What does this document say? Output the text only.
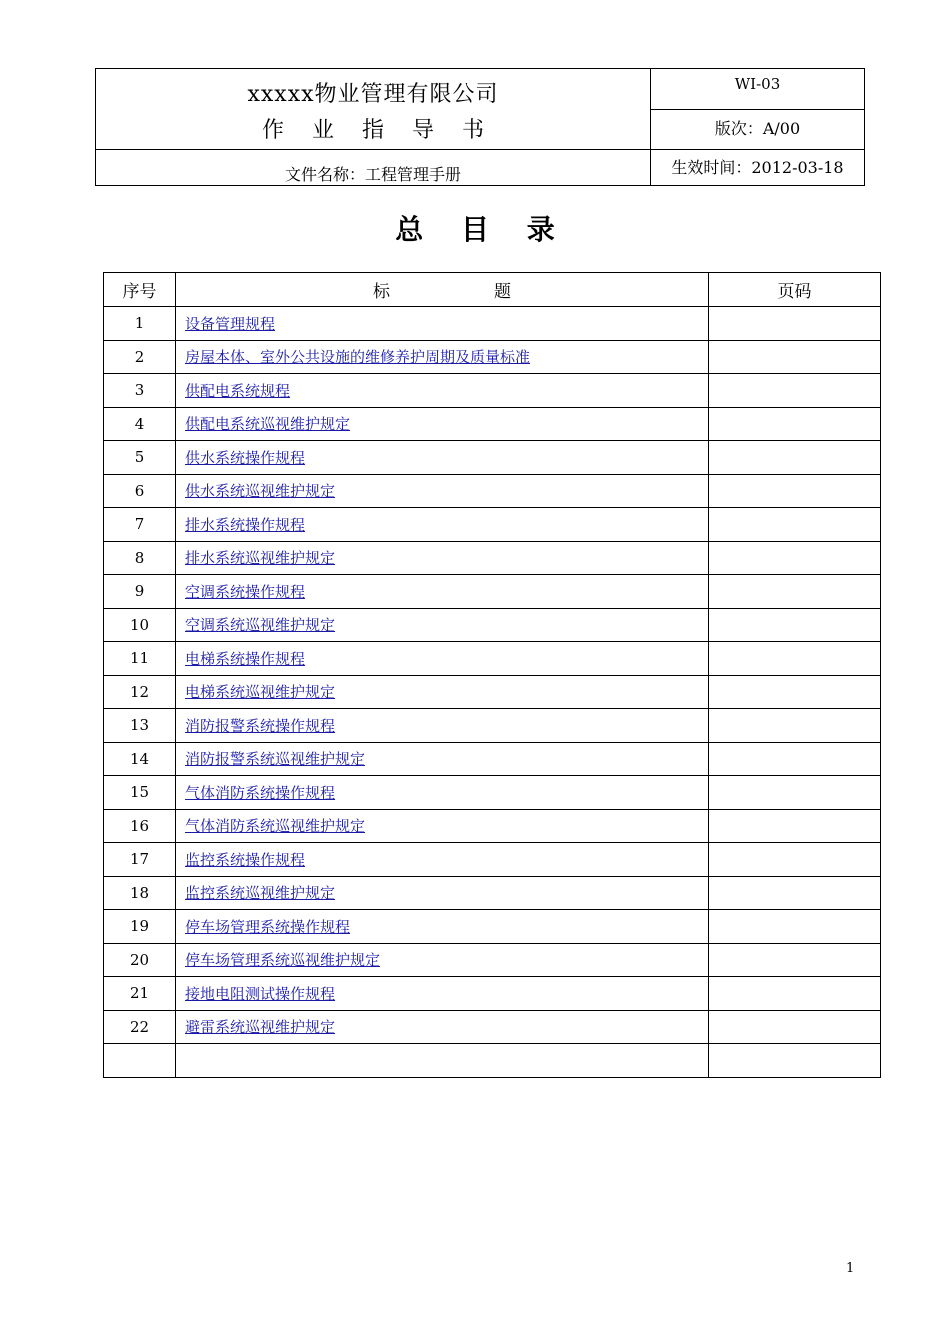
xxxxx物业管理有限公司
作业指导书
WI-03
版次：A/00
文件名称：工程管理手册	生效时间：2012-03-18
总 目 录
序号	标 题	页码
1	设备管理规程	
2	房屋本体、室外公共设施的维修养护周期及质量标准	
3	供配电系统规程	
4	供配电系统巡视维护规定	
5	供水系统操作规程	
6	供水系统巡视维护规定	
7	排水系统操作规程	
8	排水系统巡视维护规定	
9	空调系统操作规程	
10	空调系统巡视维护规定	
11	电梯系统操作规程	
12	电梯系统巡视维护规定	
13	消防报警系统操作规程	
14	消防报警系统巡视维护规定	
15	气体消防系统操作规程	
16	气体消防系统巡视维护规定	
17	监控系统操作规程	
18	监控系统巡视维护规定	
19	停车场管理系统操作规程	
20	停车场管理系统巡视维护规定	
21	接地电阻测试操作规程	
22	避雷系统巡视维护规定	

1
